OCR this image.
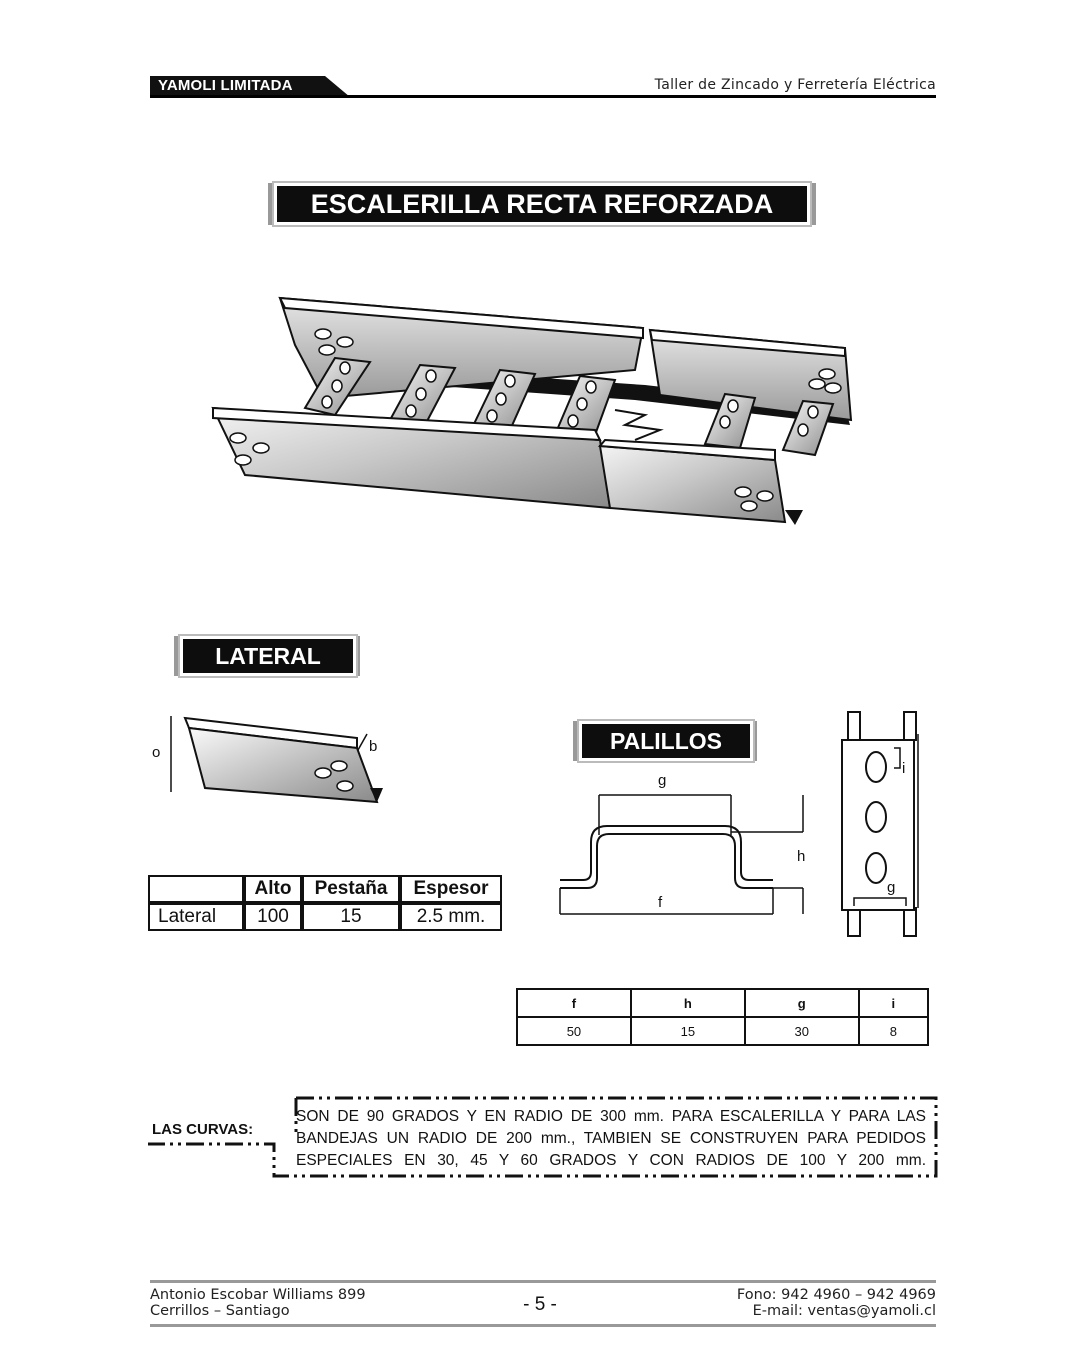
YAMOLI LIMITADA	Taller de Zincado y Ferretería Eléctrica
ESCALERILLA RECTA REFORZADA
LATERAL
o	b
	Alto	Pestaña	Espesor
Lateral	100	15	2.5 mm.
PALILLOS
g
h
f
i
g
f	h	g	i
50	15	30	8
LAS CURVAS:
SON DE 90 GRADOS Y EN RADIO DE 300 mm. PARA ESCALERILLA Y PARA LAS
BANDEJAS UN RADIO DE 200 mm., TAMBIEN SE CONSTRUYEN PARA PEDIDOS
ESPECIALES EN 30, 45 Y 60 GRADOS Y CON RADIOS DE 100 Y 200 mm.
Antonio Escobar Williams 899
Cerrillos – Santiago	- 5 -	Fono: 942 4960 – 942 4969
E-mail: ventas@yamoli.cl
